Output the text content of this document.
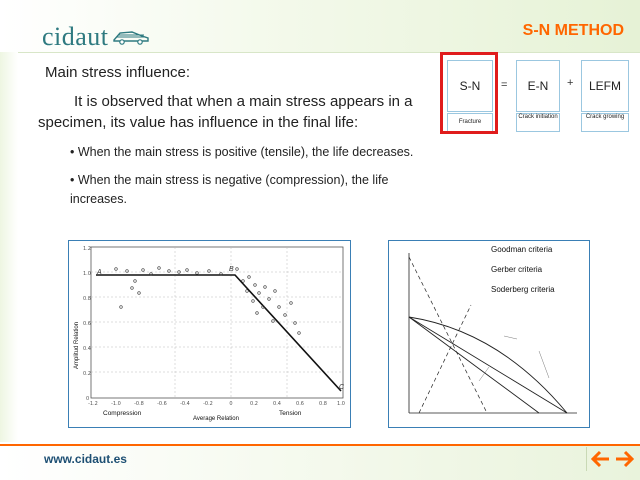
cidaut	S-N METHOD
Main stress influence:
It is observed that when a main stress appears in a specimen, its value has influence in the final life:
• When the main stress is positive (tensile), the life decreases.
• When the main stress is negative (compression), the life increases.
S-N	=	E-N	+	LEFM
Fracture
Crack initiation	Crack growing
A	B
C
1.2
1.0
0.8
0.6
0.4
0.2
0
-1.2	-1.0	-0.8	-0.6	-0.4	-0.2	0	0.2	0.4	0.6	0.8 1.0
Amplitud Relation
Compression
Average Relation
Tension
Goodman criteria
Gerber criteria
Soderberg criteria
www.cidaut.es
